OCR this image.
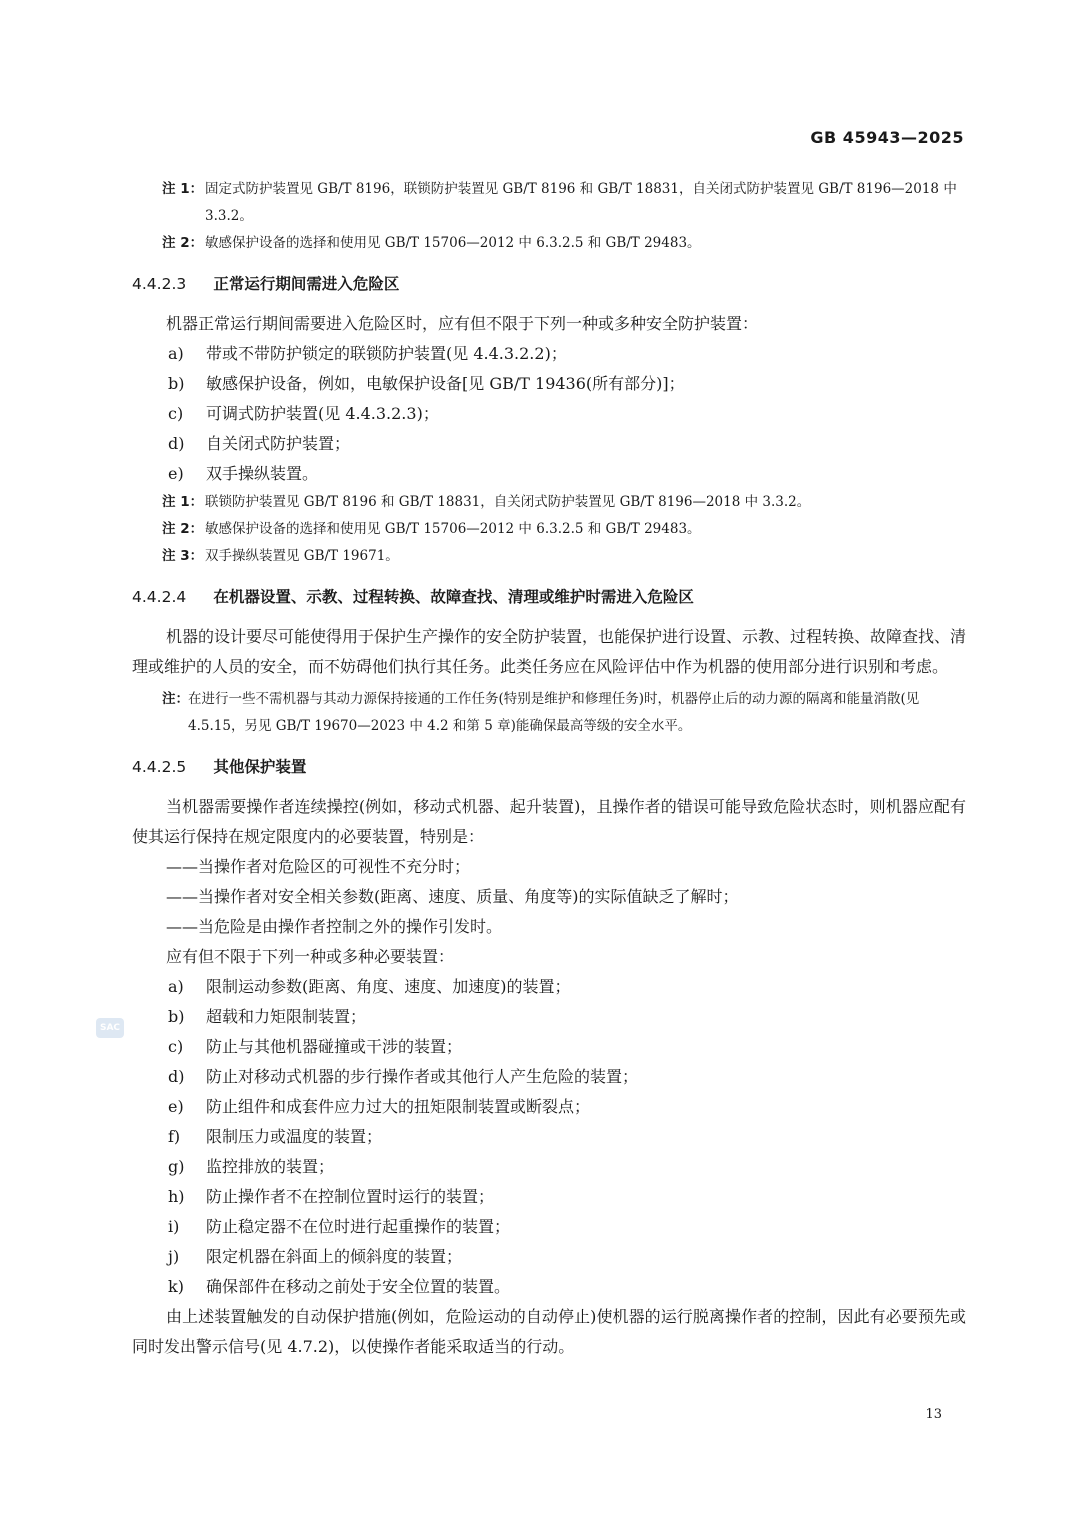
GB 45943—2025
注 1： 固定式防护装置见 GB/T 8196，联锁防护装置见 GB/T 8196 和 GB/T 18831，自关闭式防护装置见 GB/T 8196—2018 中 3.3.2。
注 2： 敏感保护设备的选择和使用见 GB/T 15706—2012 中 6.3.2.5 和 GB/T 29483。
4.4.2.3 正常运行期间需进入危险区
机器正常运行期间需要进入危险区时，应有但不限于下列一种或多种安全防护装置：
a) 带或不带防护锁定的联锁防护装置(见 4.4.3.2.2)；
b) 敏感保护设备，例如，电敏保护设备[见 GB/T 19436(所有部分)]；
c) 可调式防护装置(见 4.4.3.2.3)；
d) 自关闭式防护装置；
e) 双手操纵装置。
注 1： 联锁防护装置见 GB/T 8196 和 GB/T 18831，自关闭式防护装置见 GB/T 8196—2018 中 3.3.2。
注 2： 敏感保护设备的选择和使用见 GB/T 15706—2012 中 6.3.2.5 和 GB/T 29483。
注 3： 双手操纵装置见 GB/T 19671。
4.4.2.4 在机器设置、示教、过程转换、故障查找、清理或维护时需进入危险区
机器的设计要尽可能使得用于保护生产操作的安全防护装置，也能保护进行设置、示教、过程转换、故障查找、清理或维护的人员的安全，而不妨碍他们执行其任务。此类任务应在风险评估中作为机器的使用部分进行识别和考虑。
注： 在进行一些不需机器与其动力源保持接通的工作任务(特别是维护和修理任务)时，机器停止后的动力源的隔离和能量消散(见 4.5.15，另见 GB/T 19670—2023 中 4.2 和第 5 章)能确保最高等级的安全水平。
4.4.2.5 其他保护装置
当机器需要操作者连续操控(例如，移动式机器、起升装置)，且操作者的错误可能导致危险状态时，则机器应配有使其运行保持在规定限度内的必要装置，特别是：
——当操作者对危险区的可视性不充分时；
——当操作者对安全相关参数(距离、速度、质量、角度等)的实际值缺乏了解时；
——当危险是由操作者控制之外的操作引发时。
应有但不限于下列一种或多种必要装置：
a) 限制运动参数(距离、角度、速度、加速度)的装置；
b) 超载和力矩限制装置；
c) 防止与其他机器碰撞或干涉的装置；
d) 防止对移动式机器的步行操作者或其他行人产生危险的装置；
e) 防止组件和成套件应力过大的扭矩限制装置或断裂点；
f) 限制压力或温度的装置；
g) 监控排放的装置；
h) 防止操作者不在控制位置时运行的装置；
i) 防止稳定器不在位时进行起重操作的装置；
j) 限定机器在斜面上的倾斜度的装置；
k) 确保部件在移动之前处于安全位置的装置。
由上述装置触发的自动保护措施(例如，危险运动的自动停止)使机器的运行脱离操作者的控制，因此有必要预先或同时发出警示信号(见 4.7.2)，以使操作者能采取适当的行动。
SAC
13
